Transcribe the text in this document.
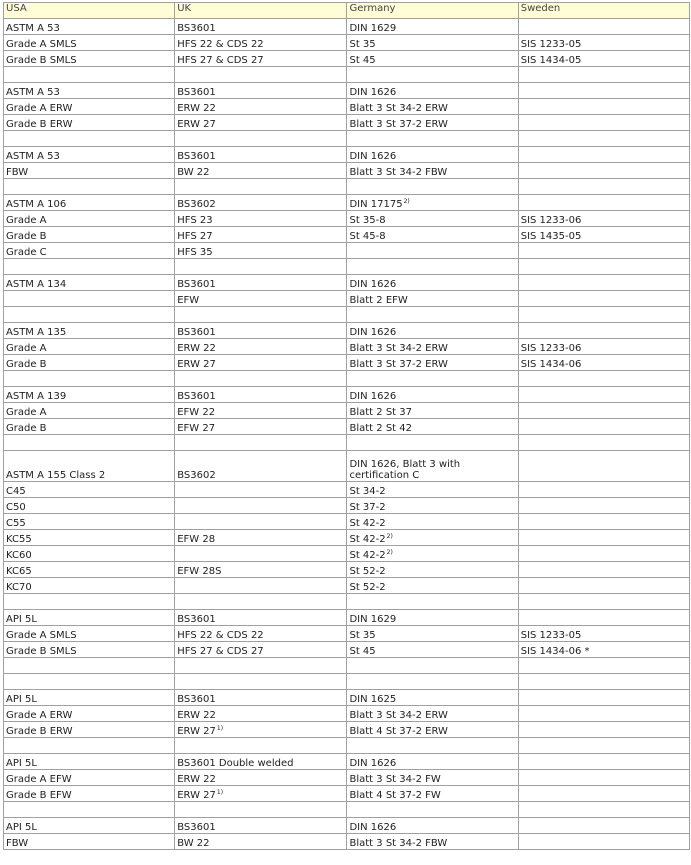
USA	UK	Germany	Sweden
ASTM A 53	BS3601	DIN 1629	
Grade A SMLS	HFS 22 & CDS 22	St 35	SIS 1233-05
Grade B SMLS	HFS 27 & CDS 27	St 45	SIS 1434-05

ASTM A 53	BS3601	DIN 1626	
Grade A ERW	ERW 22	Blatt 3 St 34-2 ERW	
Grade B ERW	ERW 27	Blatt 3 St 37-2 ERW	

ASTM A 53	BS3601	DIN 1626	
FBW	BW 22	Blatt 3 St 34-2 FBW	

ASTM A 106	BS3602	DIN 17175$^{2)}$	
Grade A	HFS 23	St 35-8	SIS 1233-06
Grade B	HFS 27	St 45-8	SIS 1435-05
Grade C	HFS 35		

ASTM A 134	BS3601	DIN 1626	
	EFW	Blatt 2 EFW	

ASTM A 135	BS3601	DIN 1626	
Grade A	ERW 22	Blatt 3 St 34-2 ERW	SIS 1233-06
Grade B	ERW 27	Blatt 3 St 37-2 ERW	SIS 1434-06

ASTM A 139	BS3601	DIN 1626	
Grade A	EFW 22	Blatt 2 St 37	
Grade B	EFW 27	Blatt 2 St 42	

ASTM A 155 Class 2	BS3602	DIN 1626, Blatt 3 with certification C	
C45		St 34-2	
C50		St 37-2	
C55		St 42-2	
KC55	EFW 28	St 42-2$^{2)}$	
KC60		St 42-2$^{2)}$	
KC65	EFW 28S	St 52-2	
KC70		St 52-2	

API 5L	BS3601	DIN 1629	
Grade A SMLS	HFS 22 & CDS 22	St 35	SIS 1233-05
Grade B SMLS	HFS 27 & CDS 27	St 45	SIS 1434-06 *

API 5L	BS3601	DIN 1625	
Grade A ERW	ERW 22	Blatt 3 St 34-2 ERW	
Grade B ERW	ERW 27$^{1)}$	Blatt 4 St 37-2 ERW	

API 5L	BS3601 Double welded	DIN 1626	
Grade A EFW	ERW 22	Blatt 3 St 34-2 FW	
Grade B EFW	ERW 27$^{1)}$	Blatt 4 St 37-2 FW	

API 5L	BS3601	DIN 1626	
FBW	BW 22	Blatt 3 St 34-2 FBW	
